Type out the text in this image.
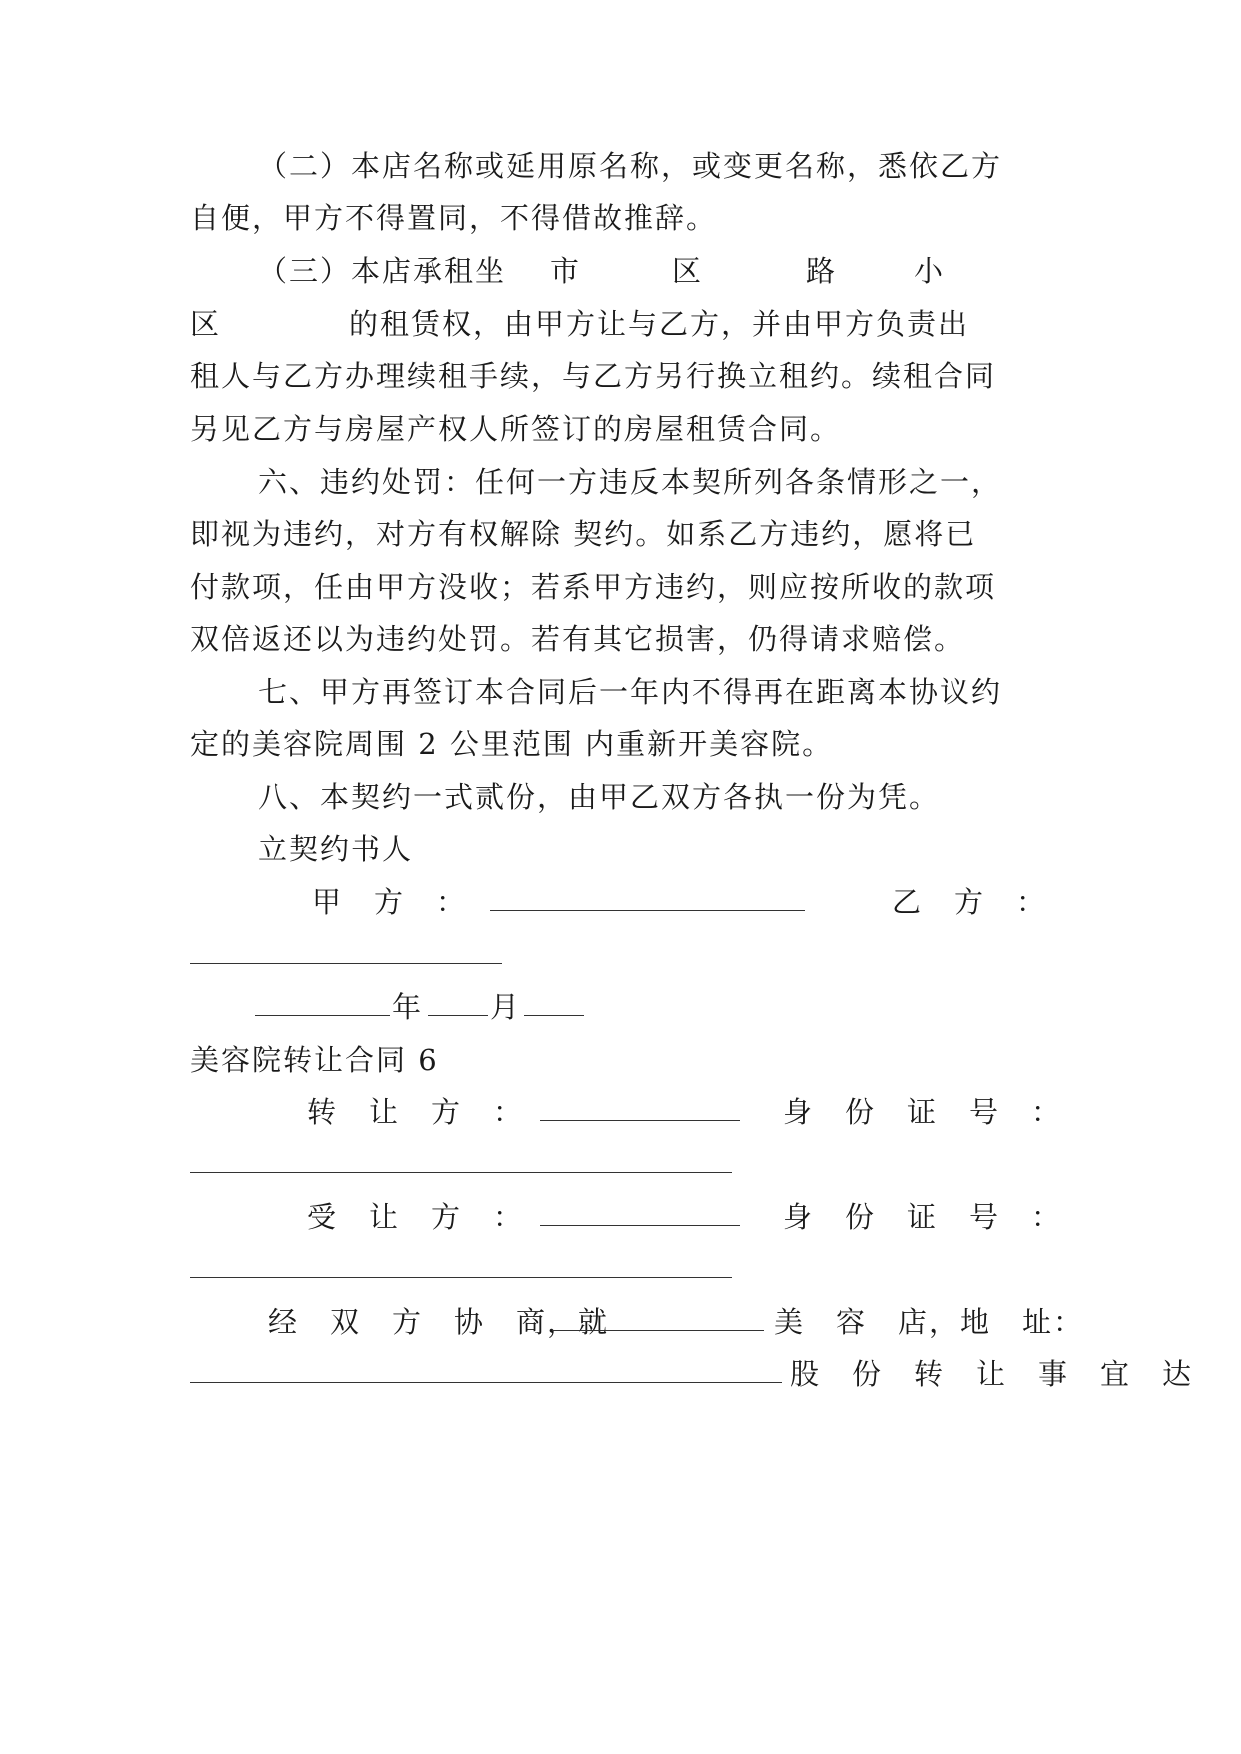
（二）本店名称或延用原名称，或变更名称，悉依乙方
自便，甲方不得置同，不得借故推辞。
（三）本店承租坐 市	区	路	小
区	的租赁权，由甲方让与乙方，并由甲方负责出
租人与乙方办理续租手续，与乙方另行换立租约。续租合同
另见乙方与房屋产权人所签订的房屋租赁合同。
六、违约处罚：任何一方违反本契所列各条情形之一，
即视为违约，对方有权解除 契约。如系乙方违约，愿将已
付款项，任由甲方没收；若系甲方违约，则应按所收的款项
双倍返还以为违约处罚。若有其它损害，仍得请求赔偿。
七、甲方再签订本合同后一年内不得再在距离本协议约
定的美容院周围 2 公里范围 内重新开美容院。
八、本契约一式贰份，由甲乙双方各执一份为凭。
立契约书人
甲　方　：	乙　方　：
年 月
美容院转让合同 6
转　让　方　：	身　份　证　号　：
受　让　方　：	身　份　证　号　：
经　双　方　协　商，就	美　容　店，地　址：
股　份　转　让　事　宜　达
